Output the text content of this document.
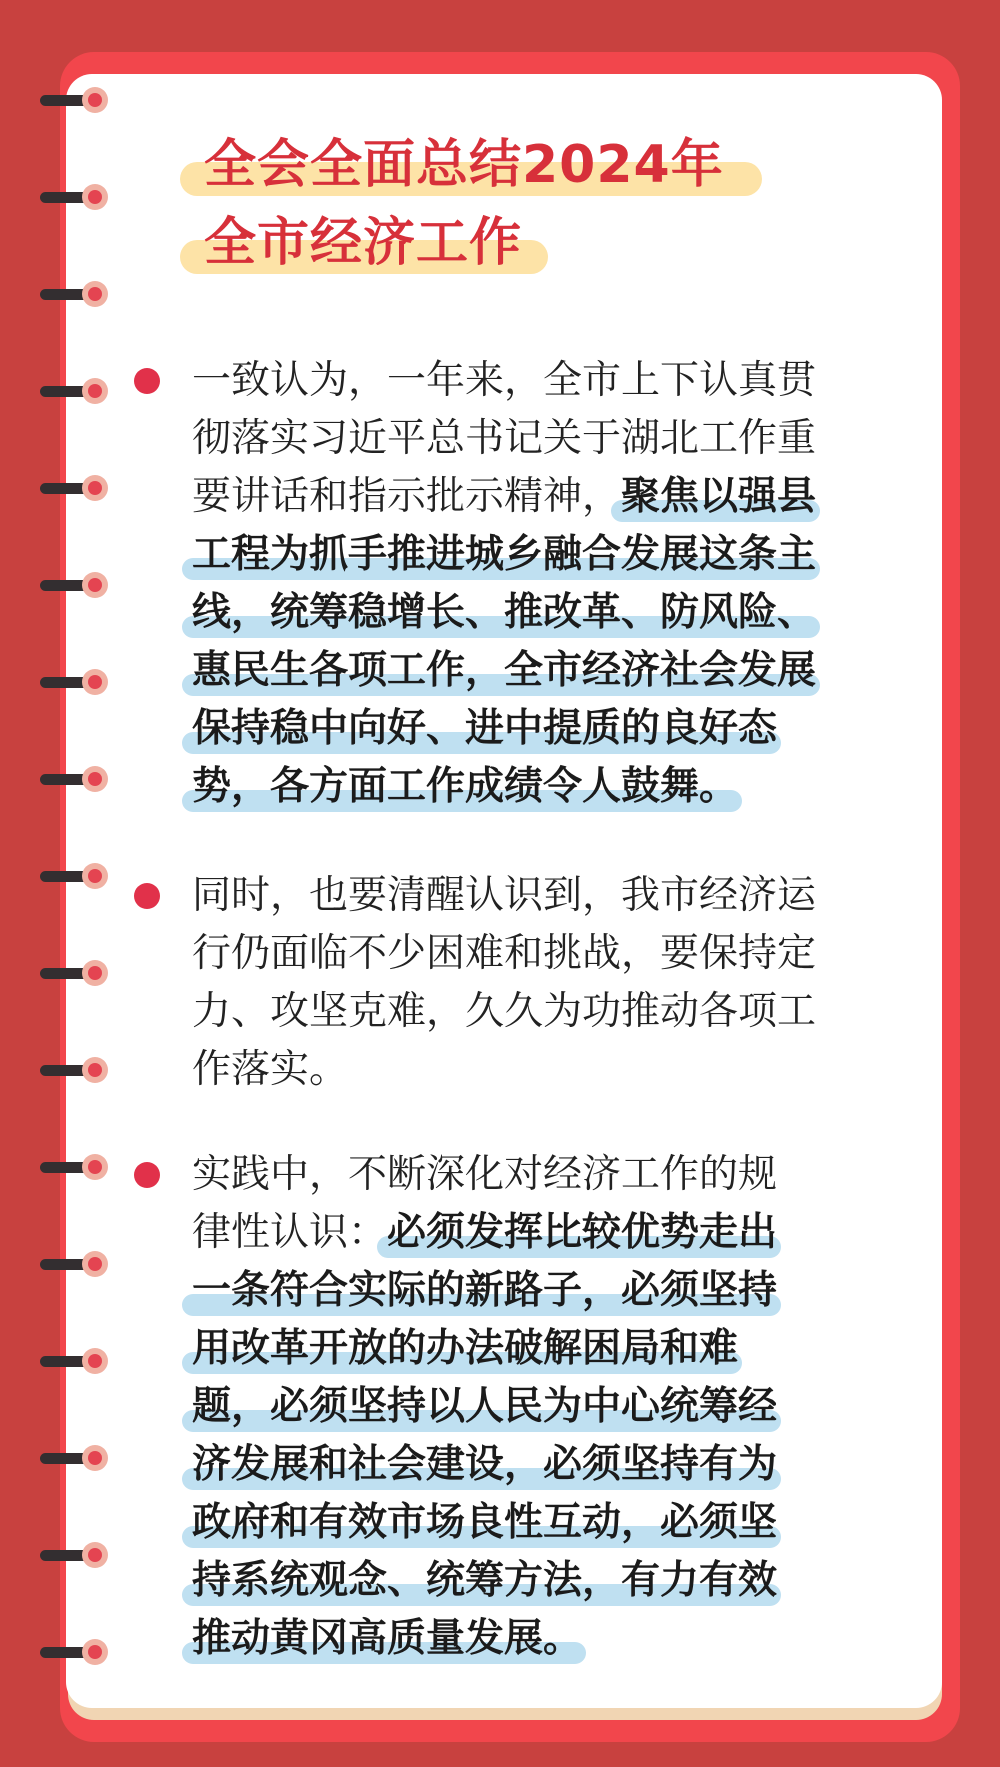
全会全面总结2024年
全市经济工作
一致认为，一年来，全市上下认真贯
彻落实习近平总书记关于湖北工作重
要讲话和指示批示精神，
聚焦以强县
工程为抓手推进城乡融合发展这条主
线，统筹稳增长、推改革、防风险、
惠民生各项工作，全市经济社会发展
保持稳中向好、进中提质的良好态
势，各方面工作成绩令人鼓舞。
同时，也要清醒认识到，我市经济运
行仍面临不少困难和挑战，要保持定
力、攻坚克难，久久为功推动各项工
作落实。
实践中，不断深化对经济工作的规
律性认识：
必须发挥比较优势走出
一条符合实际的新路子，必须坚持
用改革开放的办法破解困局和难
题，必须坚持以人民为中心统筹经
济发展和社会建设，必须坚持有为
政府和有效市场良性互动，必须坚
持系统观念、统筹方法，有力有效
推动黄冈高质量发展。
